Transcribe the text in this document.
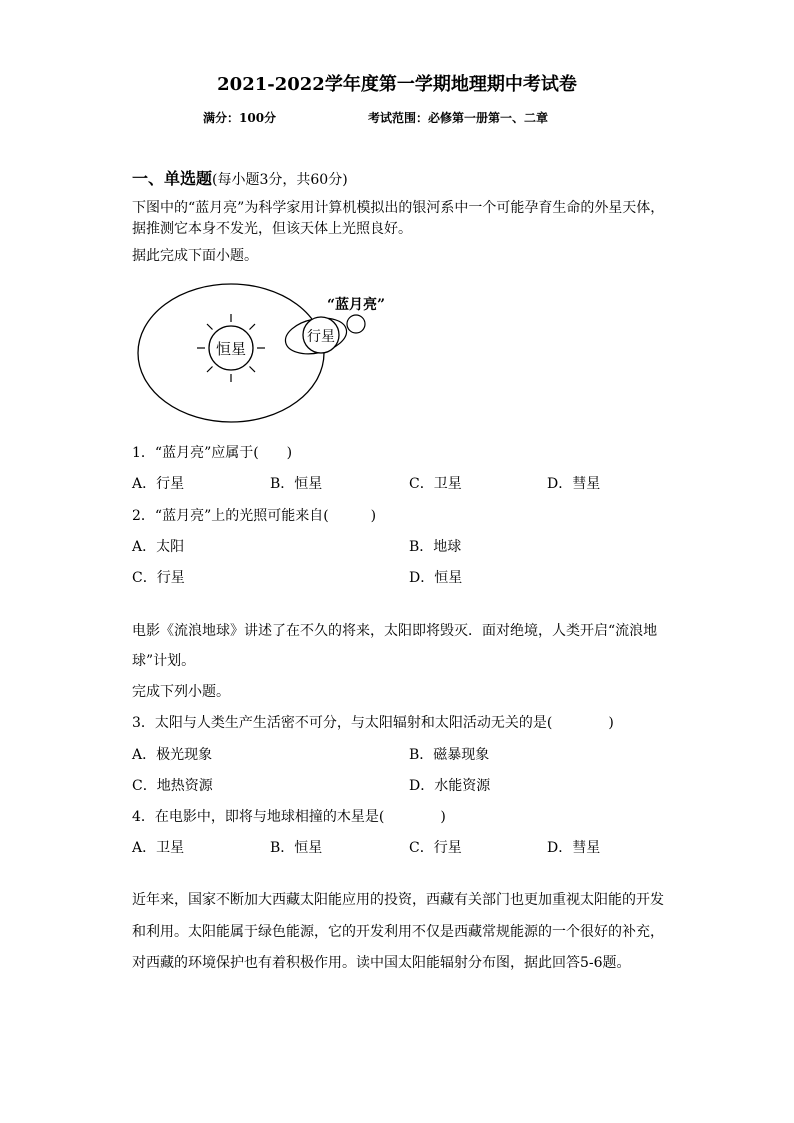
2021-2022学年度第一学期地理期中考试卷
满分：100分	考试范围：必修第一册第一、二章
一、单选题(每小题3分，共60分)
下图中的“蓝月亮”为科学家用计算机模拟出的银河系中一个可能孕育生命的外星天体，
据推测它本身不发光，但该天体上光照良好。
据此完成下面小题。
恒星
行星
“蓝月亮”
1．“蓝月亮”应属于(　　)
A．行星	B．恒星	C．卫星	D．彗星
2．“蓝月亮”上的光照可能来自(　　　)
A．太阳	B．地球
C．行星	D．恒星
电影《流浪地球》讲述了在不久的将来，太阳即将毁灭．面对绝境，人类开启“流浪地
球”计划。
完成下列小题。
3．太阳与人类生产生活密不可分，与太阳辐射和太阳活动无关的是(　　　　)
A．极光现象	B．磁暴现象
C．地热资源	D．水能资源
4．在电影中，即将与地球相撞的木星是(　　　　)
A．卫星	B．恒星	C．行星	D．彗星
近年来，国家不断加大西藏太阳能应用的投资，西藏有关部门也更加重视太阳能的开发
和利用。太阳能属于绿色能源，它的开发利用不仅是西藏常规能源的一个很好的补充，
对西藏的环境保护也有着积极作用。读中国太阳能辐射分布图，据此回答5-6题。
